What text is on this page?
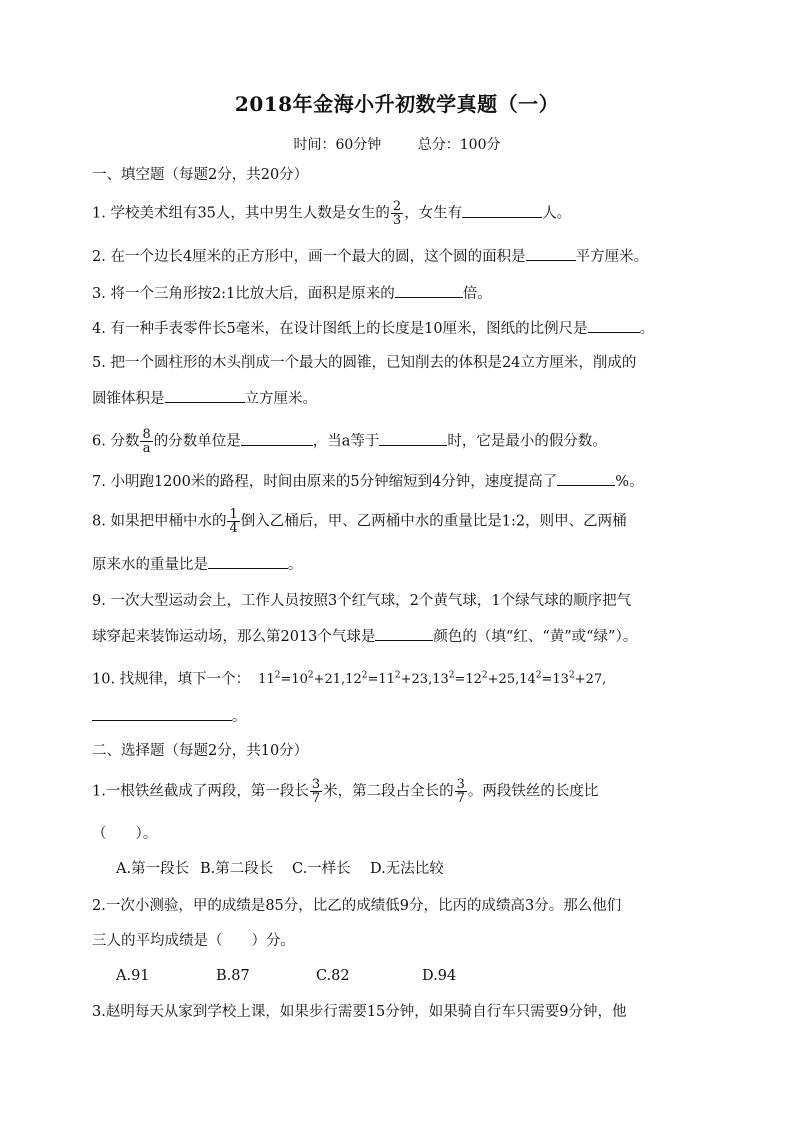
2018年金海小升初数学真题（一）
时间：60分钟	总分：100分
一、填空题（每题2分，共20分）
1. 学校美术组有35人，其中男生人数是女生的 $\frac{2}{3}$ ，女生有	人。
2. 在一个边长4厘米的正方形中，画一个最大的圆，这个圆的面积是	平方厘米。
3. 将一个三角形按2:1比放大后，面积是原来的	倍。
4. 有一种手表零件长5毫米，在设计图纸上的长度是10厘米，图纸的比例尺是	。
5. 把一个圆柱形的木头削成一个最大的圆锥，已知削去的体积是24立方厘米，削成的
圆锥体积是	立方厘米。
6. 分数 $\frac{8}{a}$ 的分数单位是	，当a等于	时，它是最小的假分数。
7. 小明跑1200米的路程，时间由原来的5分钟缩短到4分钟，速度提高了	%。
8. 如果把甲桶中水的 $\frac{1}{4}$ 倒入乙桶后，甲、乙两桶中水的重量比是1:2，则甲、乙两桶
原来水的重量比是	。
9. 一次大型运动会上，工作人员按照3个红气球，2个黄气球，1个绿气球的顺序把气
球穿起来装饰运动场，那么第2013个气球是	颜色的（填“红、“黄”或“绿”）。
10. 找规律，填下一个： $11^2=10^2+21,12^2=11^2+23,13^2=12^2+25,14^2=13^2+27$,
。
二、选择题（每题2分，共10分）
1.一根铁丝截成了两段，第一段长 $\frac{3}{7}$ 米，第二段占全长的 $\frac{3}{7}$ 。两段铁丝的长度比
（　　）。
A.第一段长 B.第二段长 C.一样长 D.无法比较
2.一次小测验，甲的成绩是85分，比乙的成绩低9分，比丙的成绩高3分。那么他们
三人的平均成绩是（　　）分。
A.91	B.87	C.82	D.94
3.赵明每天从家到学校上课，如果步行需要15分钟，如果骑自行车只需要9分钟，他
